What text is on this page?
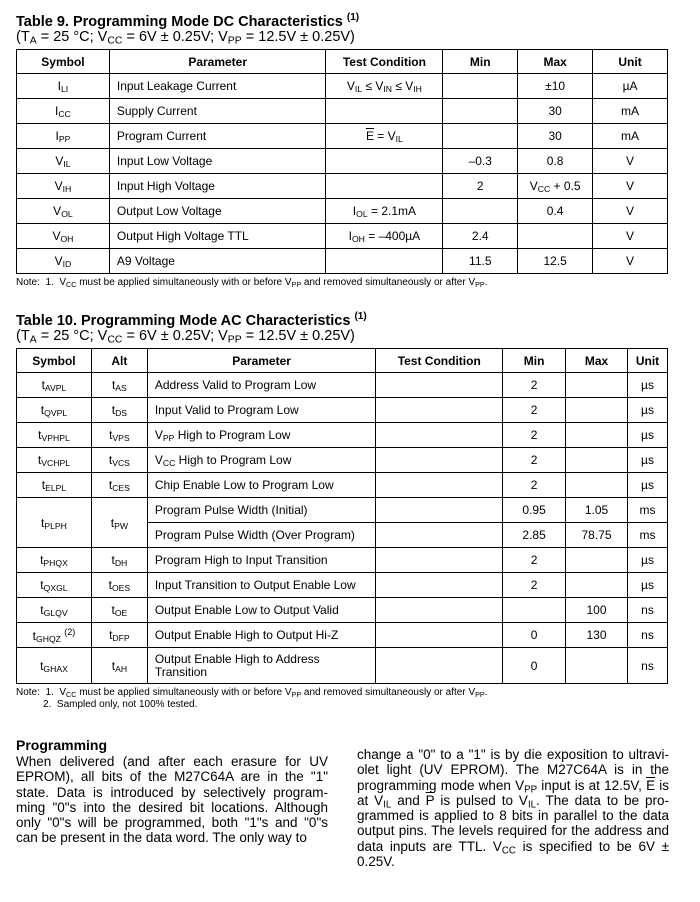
Table 9. Programming Mode DC Characteristics $^{(1)}$

($T_A = 25$ °C; $V_{CC} = 6V \pm 0.25V$; $V_{PP} = 12.5V \pm 0.25V$)

Symbol	Parameter	Test Condition	Min	Max	Unit
$I_{LI}$	Input Leakage Current	$V_{IL} \le V_{IN} \le V_{IH}$		±10	µA
$I_{CC}$	Supply Current			30	mA
$I_{PP}$	Program Current	$\overline{E} = V_{IL}$		30	mA
$V_{IL}$	Input Low Voltage		–0.3	0.8	V
$V_{IH}$	Input High Voltage		2	$V_{CC} + 0.5$	V
$V_{OL}$	Output Low Voltage	$I_{OL} = 2.1mA$		0.4	V
$V_{OH}$	Output High Voltage TTL	$I_{OH} = -400\mu A$	2.4		V
$V_{ID}$	A9 Voltage		11.5	12.5	V

Note:  1.  $V_{CC}$ must be applied simultaneously with or before $V_{PP}$ and removed simultaneously or after $V_{PP}$.

Table 10. Programming Mode AC Characteristics $^{(1)}$

($T_A = 25$ °C; $V_{CC} = 6V \pm 0.25V$; $V_{PP} = 12.5V \pm 0.25V$)

Symbol	Alt	Parameter	Test Condition	Min	Max	Unit
$t_{AVPL}$	$t_{AS}$	Address Valid to Program Low		2		µs
$t_{QVPL}$	$t_{DS}$	Input Valid to Program Low		2		µs
$t_{VPHPL}$	$t_{VPS}$	$V_{PP}$ High to Program Low		2		µs
$t_{VCHPL}$	$t_{VCS}$	$V_{CC}$ High to Program Low		2		µs
$t_{ELPL}$	$t_{CES}$	Chip Enable Low to Program Low		2		µs
$t_{PLPH}$	$t_{PW}$	Program Pulse Width (Initial)		0.95	1.05	ms
		Program Pulse Width (Over Program)		2.85	78.75	ms
$t_{PHQX}$	$t_{DH}$	Program High to Input Transition		2		µs
$t_{QXGL}$	$t_{OES}$	Input Transition to Output Enable Low		2		µs
$t_{GLQV}$	$t_{OE}$	Output Enable Low to Output Valid			100	ns
$t_{GHQZ}$ $^{(2)}$	$t_{DFP}$	Output Enable High to Output Hi-Z		0	130	ns
$t_{GHAX}$	$t_{AH}$	Output Enable High to Address Transition		0		ns

Note:  1.  $V_{CC}$ must be applied simultaneously with or before $V_{PP}$ and removed simultaneously or after $V_{PP}$.

2.  Sampled only, not 100% tested.

Programming

When delivered (and after each erasure for UV EPROM), all bits of the M27C64A are in the "1" state. Data is introduced by selectively program-ming "0"s into the desired bit locations. Although only "0"s will be programmed, both "1"s and "0"s can be present in the data word. The only way to

change a "0" to a "1" is by die exposition to ultravi-olet light (UV EPROM). The M27C64A is in the programming mode when $V_{PP}$ input is at 12.5V, $\overline{E}$ is at $V_{IL}$ and $\overline{P}$ is pulsed to $V_{IL}$. The data to be pro-grammed is applied to 8 bits in parallel to the data output pins. The levels required for the address and data inputs are TTL. $V_{CC}$ is specified to be 6V ± 0.25V.
